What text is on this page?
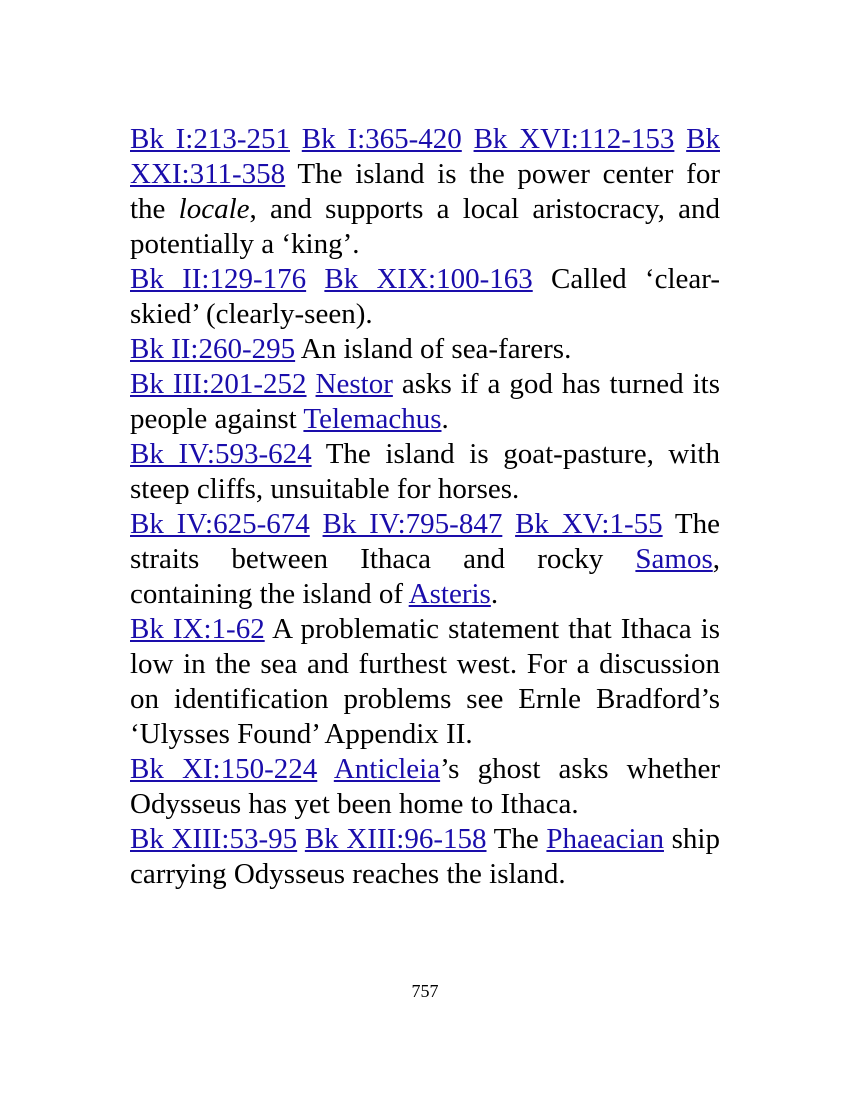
Bk I:213-251 Bk I:365-420 Bk XVI:112-153 Bk XXI:311-358 The island is the power center for the locale, and supports a local aristocracy, and potentially a ‘king’.

Bk II:129-176 Bk XIX:100-163 Called ‘clear-skied’ (clearly-seen).

Bk II:260-295 An island of sea-farers.

Bk III:201-252 Nestor asks if a god has turned its people against Telemachus.

Bk IV:593-624 The island is goat-pasture, with steep cliffs, unsuitable for horses.

Bk IV:625-674 Bk IV:795-847 Bk XV:1-55 The straits between Ithaca and rocky Samos, containing the island of Asteris.

Bk IX:1-62 A problematic statement that Ithaca is low in the sea and furthest west. For a discussion on identification problems see Ernle Bradford’s ‘Ulysses Found’ Appendix II.

Bk XI:150-224 Anticleia’s ghost asks whether Odysseus has yet been home to Ithaca.

Bk XIII:53-95 Bk XIII:96-158 The Phaeacian ship carrying Odysseus reaches the island.

757
